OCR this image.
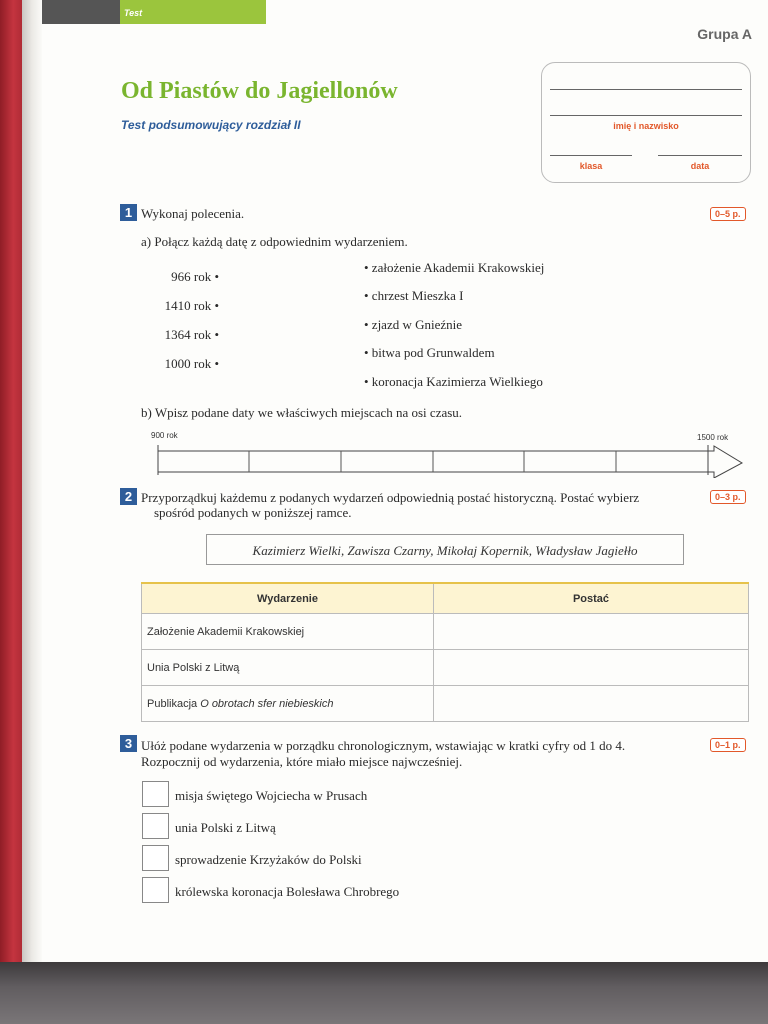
Test
Grupa A
Od Piastów do Jagiellonów
Test podsumowujący rozdział II	imię i nazwisko
klasa	data
1 Wykonaj polecenia.	0–5 p.
a) Połącz każdą datę z odpowiednim wydarzeniem.
966 rok •
1410 rok •
1364 rok •
1000 rok •
• założenie Akademii Krakowskiej
• chrzest Mieszka I
• zjazd w Gnieźnie
• bitwa pod Grunwaldem
• koronacja Kazimierza Wielkiego
b) Wpisz podane daty we właściwych miejscach na osi czasu.
900 rok	1500 rok
2 Przyporządkuj każdemu z podanych wydarzeń odpowiednią postać historyczną. Postać wybierz
spośród podanych w poniższej ramce.
0–3 p.
Kazimierz Wielki, Zawisza Czarny, Mikołaj Kopernik, Władysław Jagiełło
Wydarzenie	Postać
Założenie Akademii Krakowskiej	
Unia Polski z Litwą	
Publikacja O obrotach sfer niebieskich	
3 Ułóż podane wydarzenia w porządku chronologicznym, wstawiając w kratki cyfry od 1 do 4.
Rozpocznij od wydarzenia, które miało miejsce najwcześniej.
0–1 p.
misja świętego Wojciecha w Prusach
unia Polski z Litwą
sprowadzenie Krzyżaków do Polski
królewska koronacja Bolesława Chrobrego
